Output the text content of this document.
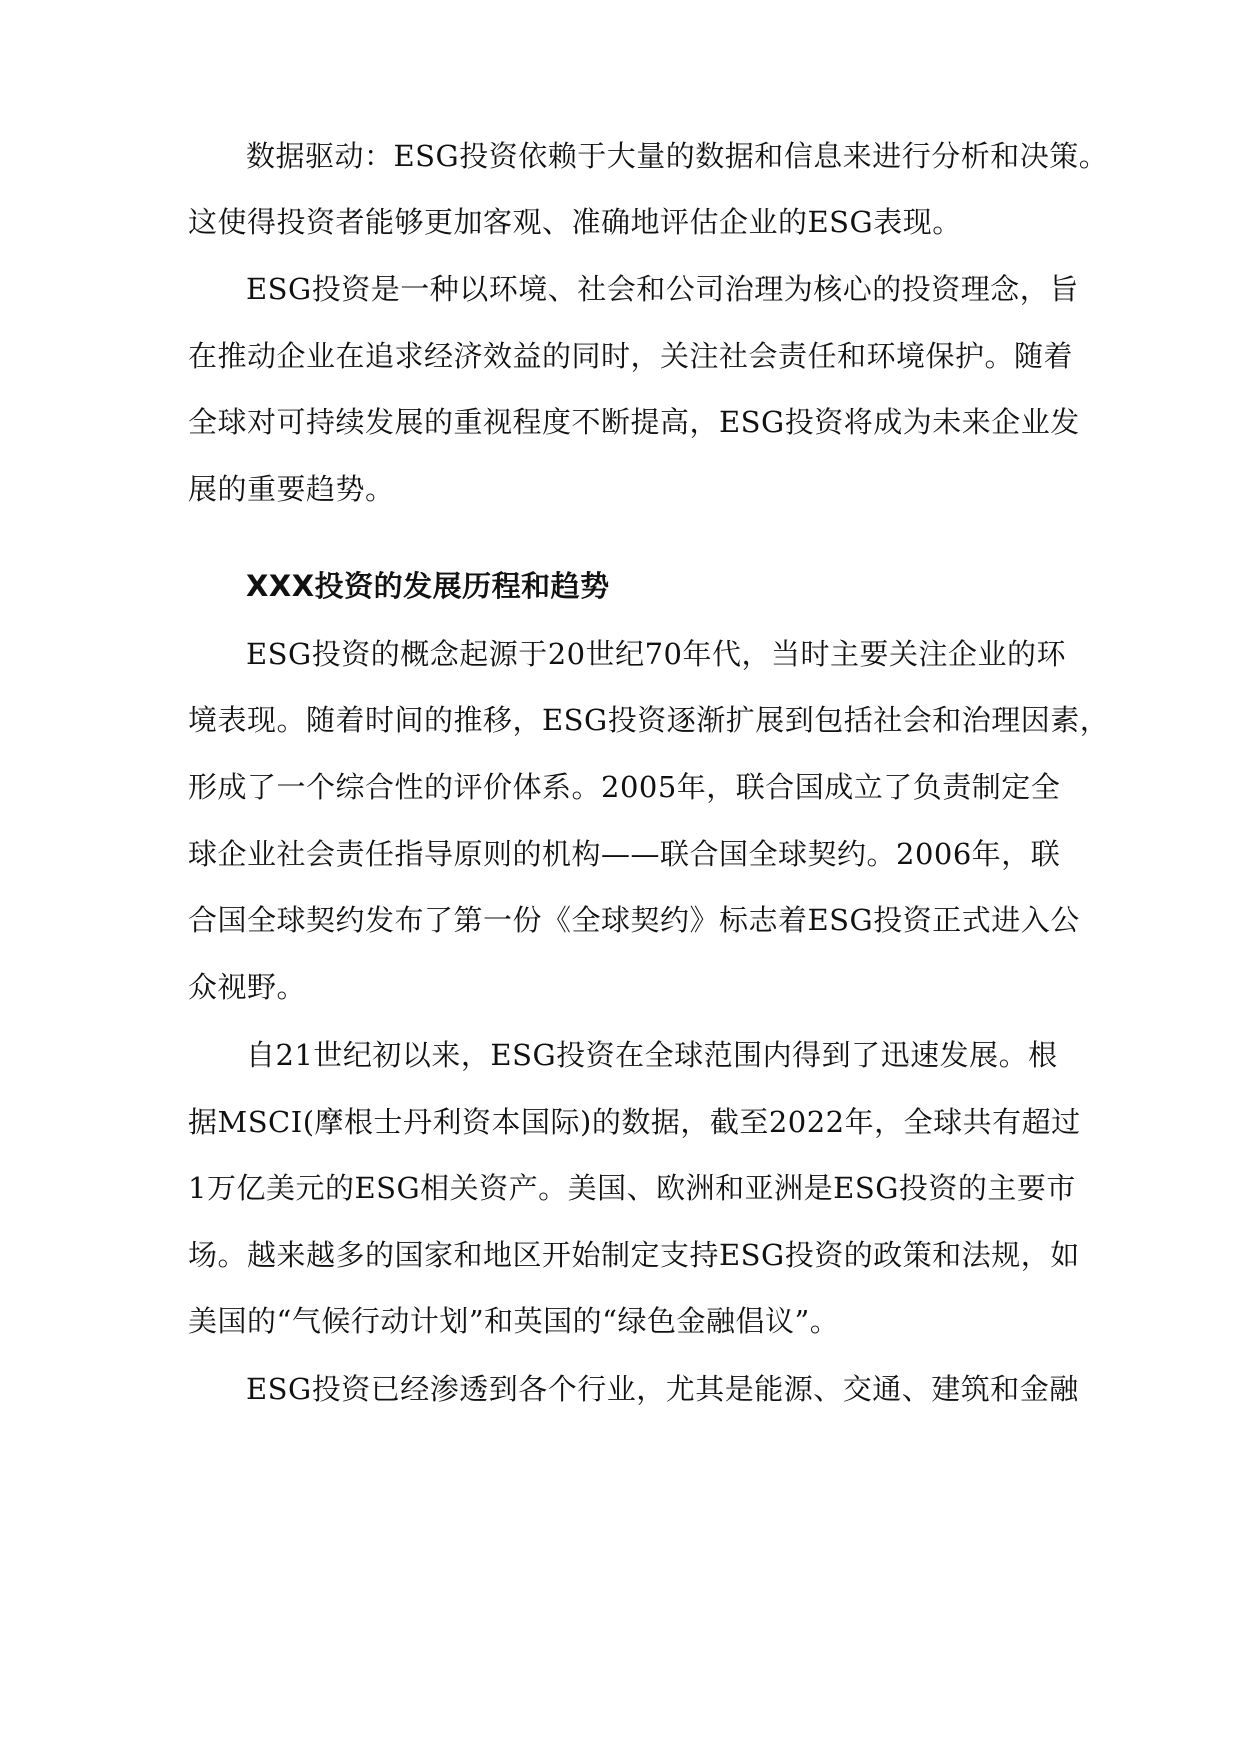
数据驱动：ESG投资依赖于大量的数据和信息来进行分析和决策。
这使得投资者能够更加客观、准确地评估企业的ESG表现。
ESG投资是一种以环境、社会和公司治理为核心的投资理念，旨
在推动企业在追求经济效益的同时，关注社会责任和环境保护。随着
全球对可持续发展的重视程度不断提高，ESG投资将成为未来企业发
展的重要趋势。
XXX投资的发展历程和趋势
ESG投资的概念起源于20世纪70年代，当时主要关注企业的环
境表现。随着时间的推移，ESG投资逐渐扩展到包括社会和治理因素，
形成了一个综合性的评价体系。2005年，联合国成立了负责制定全
球企业社会责任指导原则的机构——联合国全球契约。2006年，联
合国全球契约发布了第一份《全球契约》标志着ESG投资正式进入公
众视野。
自21世纪初以来，ESG投资在全球范围内得到了迅速发展。根
据MSCI(摩根士丹利资本国际)的数据，截至2022年，全球共有超过
1万亿美元的ESG相关资产。美国、欧洲和亚洲是ESG投资的主要市
场。越来越多的国家和地区开始制定支持ESG投资的政策和法规，如
美国的“气候行动计划”和英国的“绿色金融倡议”。
ESG投资已经渗透到各个行业，尤其是能源、交通、建筑和金融
